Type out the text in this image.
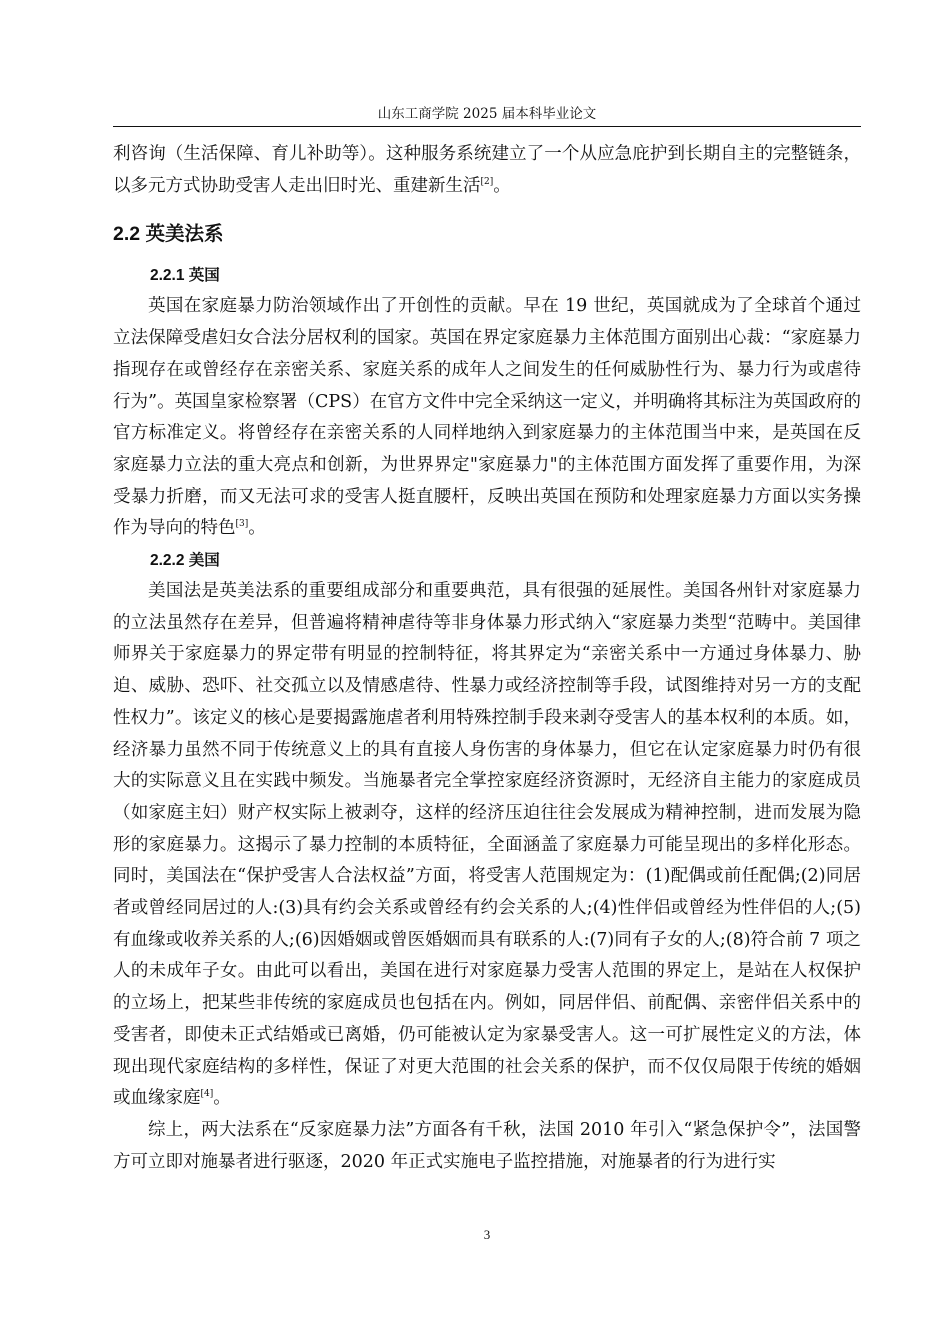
山东工商学院 2025 届本科毕业论文

利咨询（生活保障、育儿补助等）。这种服务系统建立了一个从应急庇护到长期自主的完整链条，以多元方式协助受害人走出旧时光、重建新生活[2]。

2.2 英美法系
2.2.1 英国

英国在家庭暴力防治领域作出了开创性的贡献。早在 19 世纪，英国就成为了全球首个通过立法保障受虐妇女合法分居权利的国家。英国在界定家庭暴力主体范围方面别出心裁：“家庭暴力指现存在或曾经存在亲密关系、家庭关系的成年人之间发生的任何威胁性行为、暴力行为或虐待行为”。英国皇家检察署（CPS）在官方文件中完全采纳这一定义，并明确将其标注为英国政府的官方标准定义。将曾经存在亲密关系的人同样地纳入到家庭暴力的主体范围当中来，是英国在反家庭暴力立法的重大亮点和创新，为世界界定"家庭暴力"的主体范围方面发挥了重要作用，为深受暴力折磨，而又无法可求的受害人挺直腰杆，反映出英国在预防和处理家庭暴力方面以实务操作为导向的特色[3]。

2.2.2 美国

美国法是英美法系的重要组成部分和重要典范，具有很强的延展性。美国各州针对家庭暴力的立法虽然存在差异，但普遍将精神虐待等非身体暴力形式纳入“家庭暴力类型“范畴中。美国律师界关于家庭暴力的界定带有明显的控制特征，将其界定为“亲密关系中一方通过身体暴力、胁迫、威胁、恐吓、社交孤立以及情感虐待、性暴力或经济控制等手段，试图维持对另一方的支配性权力”。该定义的核心是要揭露施虐者利用特殊控制手段来剥夺受害人的基本权利的本质。如，经济暴力虽然不同于传统意义上的具有直接人身伤害的身体暴力，但它在认定家庭暴力时仍有很大的实际意义且在实践中频发。当施暴者完全掌控家庭经济资源时，无经济自主能力的家庭成员（如家庭主妇）财产权实际上被剥夺，这样的经济压迫往往会发展成为精神控制，进而发展为隐形的家庭暴力。这揭示了暴力控制的本质特征，全面涵盖了家庭暴力可能呈现出的多样化形态。同时，美国法在“保护受害人合法权益”方面，将受害人范围规定为：(1)配偶或前任配偶;(2)同居者或曾经同居过的人:(3)具有约会关系或曾经有约会关系的人;(4)性伴侣或曾经为性伴侣的人;(5)有血缘或收养关系的人;(6)因婚姻或曾医婚姻而具有联系的人:(7)同有子女的人;(8)符合前 7 项之人的未成年子女。由此可以看出，美国在进行对家庭暴力受害人范围的界定上，是站在人权保护的立场上，把某些非传统的家庭成员也包括在内。例如，同居伴侣、前配偶、亲密伴侣关系中的受害者，即使未正式结婚或已离婚，仍可能被认定为家暴受害人。这一可扩展性定义的方法，体现出现代家庭结构的多样性，保证了对更大范围的社会关系的保护，而不仅仅局限于传统的婚姻或血缘家庭[4]。

综上，两大法系在“反家庭暴力法”方面各有千秋，法国 2010 年引入“紧急保护令”，法国警方可立即对施暴者进行驱逐，2020 年正式实施电子监控措施，对施暴者的行为进行实

3
